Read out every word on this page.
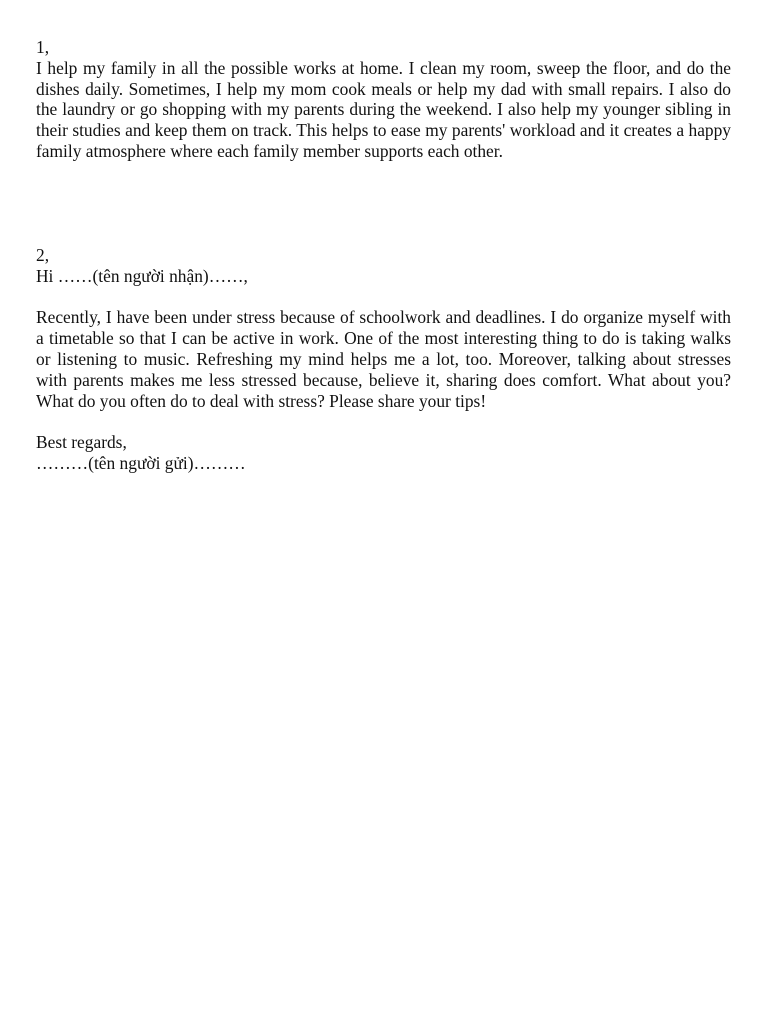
1,

I help my family in all the possible works at home. I clean my room, sweep the floor, and do the dishes daily. Sometimes, I help my mom cook meals or help my dad with small repairs. I also do the laundry or go shopping with my parents during the weekend. I also help my younger sibling in their studies and keep them on track. This helps to ease my parents' workload and it creates a happy family atmosphere where each family member supports each other.

2,
Hi ……(tên người nhận)……,

Recently, I have been under stress because of schoolwork and deadlines. I do organize myself with a timetable so that I can be active in work. One of the most interesting thing to do is taking walks or listening to music. Refreshing my mind helps me a lot, too. Moreover, talking about stresses with parents makes me less stressed because, believe it, sharing does comfort. What about you? What do you often do to deal with stress? Please share your tips!

Best regards,
………(tên người gửi)………
